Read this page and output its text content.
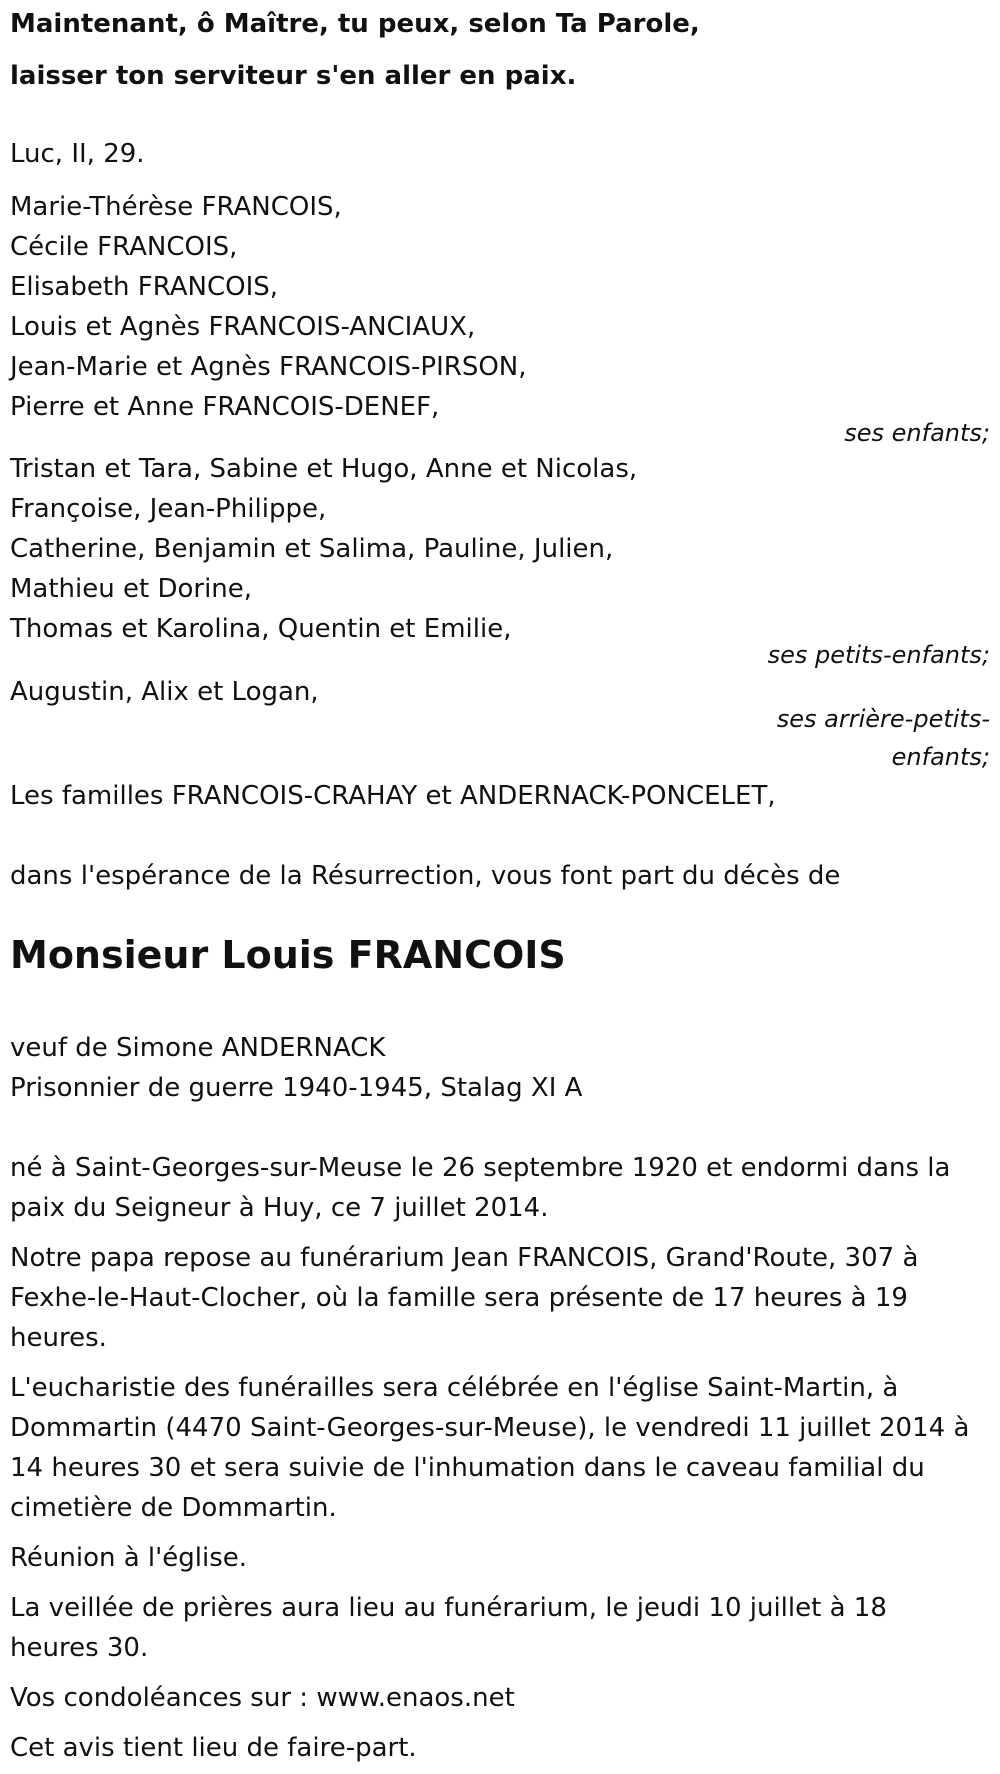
Maintenant, ô Maître, tu peux, selon Ta Parole,
laisser ton serviteur s'en aller en paix.
Luc, II, 29.
Marie-Thérèse FRANCOIS,
Cécile FRANCOIS,
Elisabeth FRANCOIS,
Louis et Agnès FRANCOIS-ANCIAUX,
Jean-Marie et Agnès FRANCOIS-PIRSON,
Pierre et Anne FRANCOIS-DENEF,
ses enfants;
Tristan et Tara, Sabine et Hugo, Anne et Nicolas,
Françoise, Jean-Philippe,
Catherine, Benjamin et Salima, Pauline, Julien,
Mathieu et Dorine,
Thomas et Karolina, Quentin et Emilie,
ses petits-enfants;
Augustin, Alix et Logan,
ses arrière-petits-
enfants;
Les familles FRANCOIS-CRAHAY et ANDERNACK-PONCELET,
dans l'espérance de la Résurrection, vous font part du décès de
Monsieur Louis FRANCOIS
veuf de Simone ANDERNACK
Prisonnier de guerre 1940-1945, Stalag XI A
né à Saint-Georges-sur-Meuse le 26 septembre 1920 et endormi dans la
paix du Seigneur à Huy, ce 7 juillet 2014.
Notre papa repose au funérarium Jean FRANCOIS, Grand'Route, 307 à
Fexhe-le-Haut-Clocher, où la famille sera présente de 17 heures à 19
heures.
L'eucharistie des funérailles sera célébrée en l'église Saint-Martin, à
Dommartin (4470 Saint-Georges-sur-Meuse), le vendredi 11 juillet 2014 à
14 heures 30 et sera suivie de l'inhumation dans le caveau familial du
cimetière de Dommartin.
Réunion à l'église.
La veillée de prières aura lieu au funérarium, le jeudi 10 juillet à 18
heures 30.
Vos condoléances sur : www.enaos.net
Cet avis tient lieu de faire-part.
